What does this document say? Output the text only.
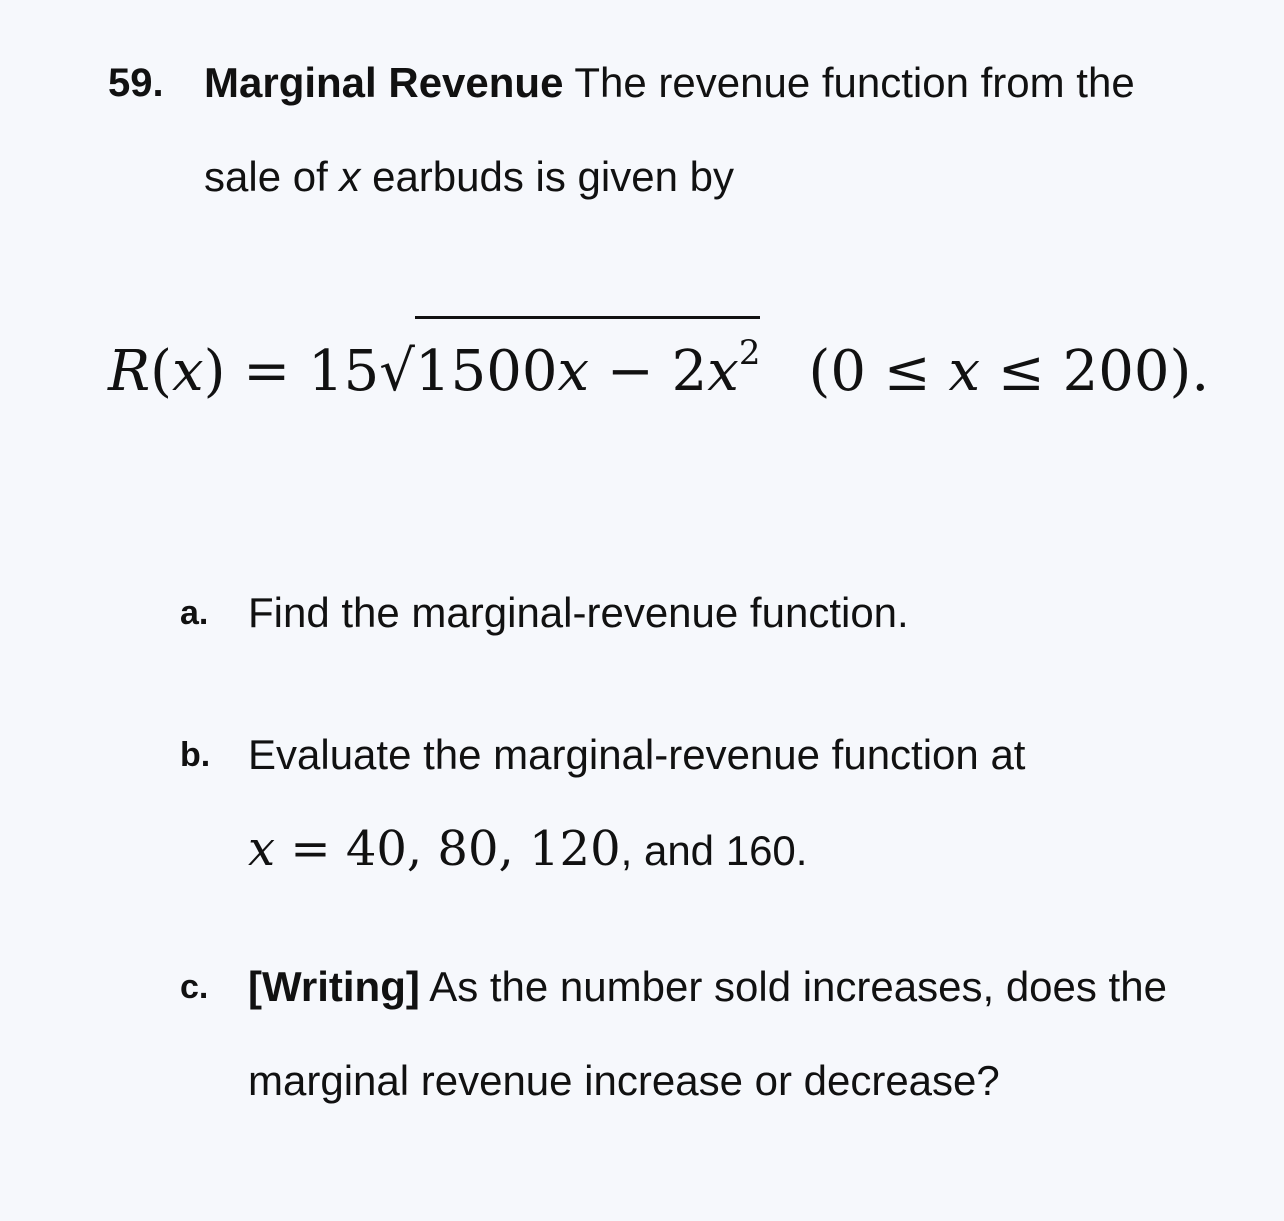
59. Marginal Revenue The revenue function from the sale of x earbuds is given by
$R(x) = 15√1500x - 2x^2$ (0 ≤ x ≤ 200).
a. Find the marginal-revenue function.
b. Evaluate the marginal-revenue function at
x = 40, 80, 120, and 160.
c. [Writing] As the number sold increases, does the marginal revenue increase or decrease?
